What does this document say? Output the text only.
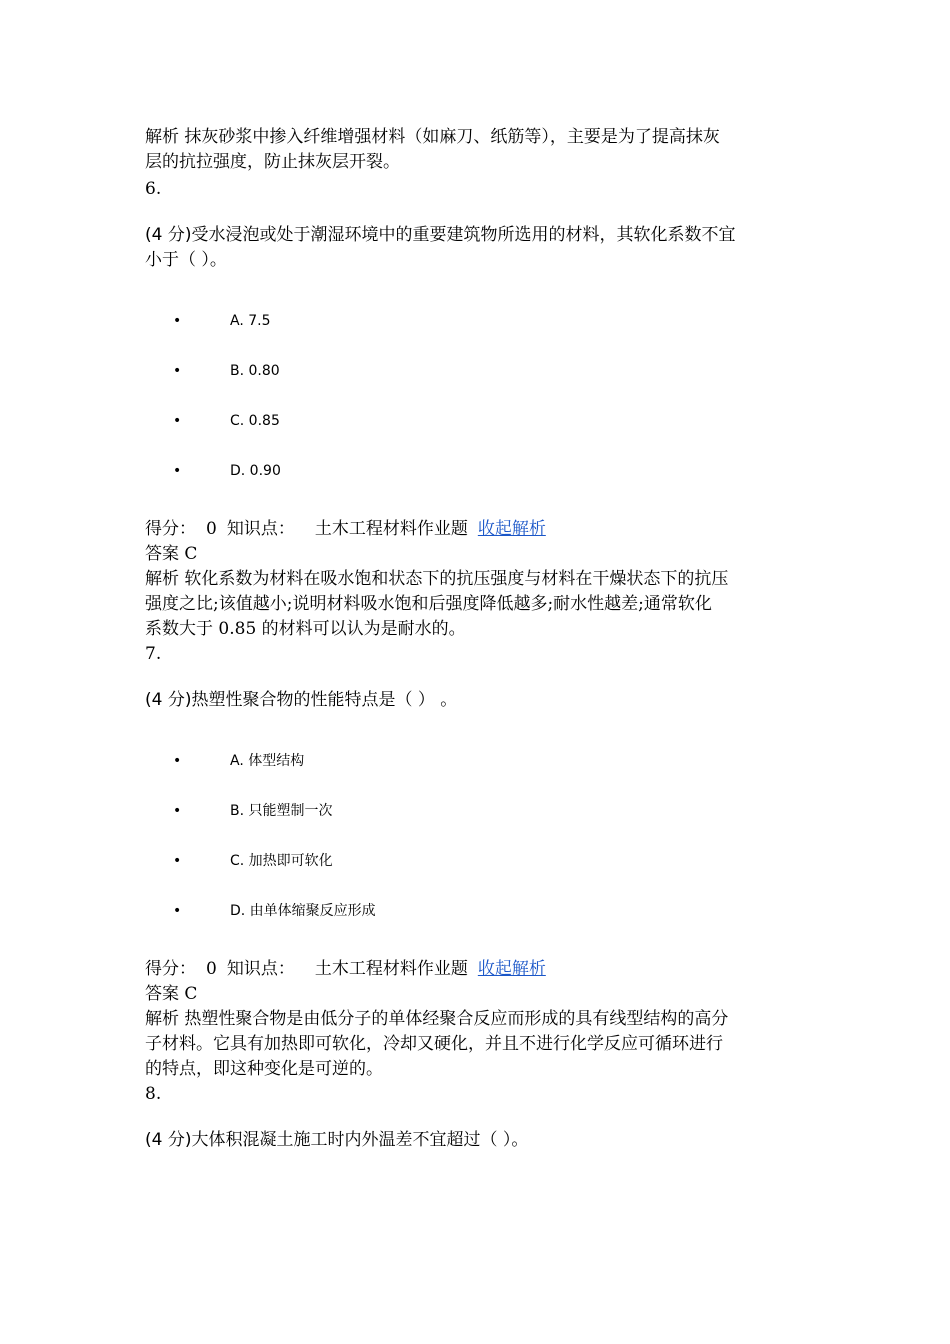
解析 抹灰砂浆中掺入纤维增强材料（如麻刀、纸筋等），主要是为了提高抹灰
层的抗拉强度，防止抹灰层开裂。
6.
(4 分)受水浸泡或处于潮湿环境中的重要建筑物所选用的材料，其软化系数不宜
小于（ ）。
•	A. 7.5
•	B. 0.80
•	C. 0.85
•	D. 0.90
得分： 0 知识点： 土木工程材料作业题 收起解析
答案 C
解析 软化系数为材料在吸水饱和状态下的抗压强度与材料在干燥状态下的抗压
强度之比;该值越小;说明材料吸水饱和后强度降低越多;耐水性越差;通常软化
系数大于 0.85 的材料可以认为是耐水的。
7.
(4 分)热塑性聚合物的性能特点是（ ） 。
•	A. 体型结构
•	B. 只能塑制一次
•	C. 加热即可软化
•	D. 由单体缩聚反应形成
得分： 0 知识点： 土木工程材料作业题 收起解析
答案 C
解析 热塑性聚合物是由低分子的单体经聚合反应而形成的具有线型结构的高分
子材料。它具有加热即可软化，冷却又硬化，并且不进行化学反应可循环进行
的特点，即这种变化是可逆的。
8.
(4 分)大体积混凝土施工时内外温差不宜超过（ ）。
